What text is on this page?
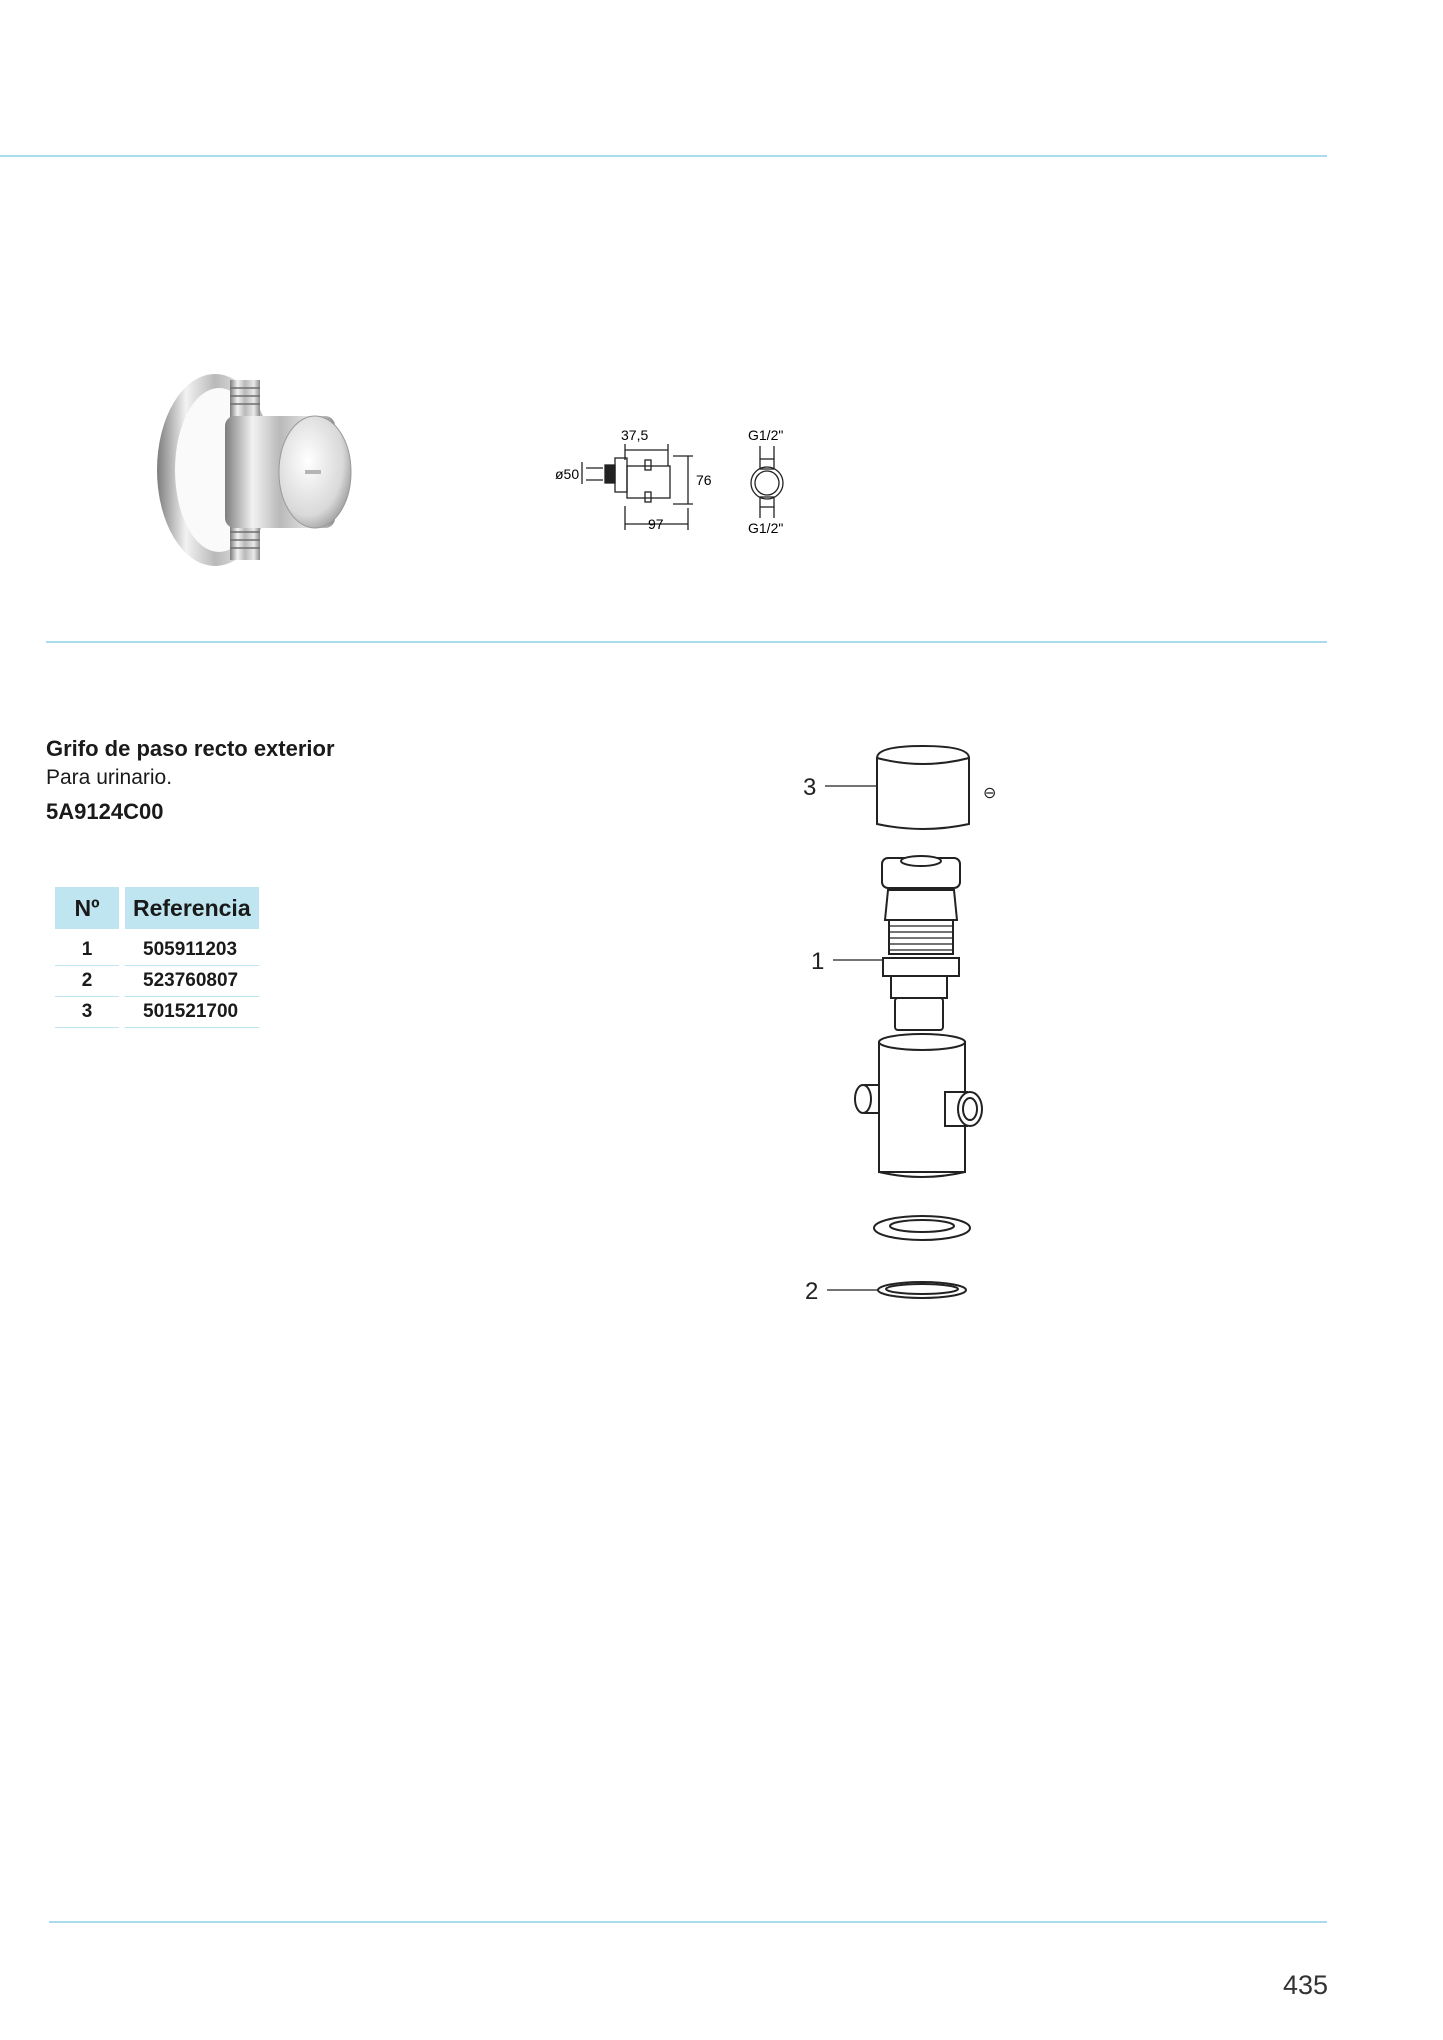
37,5
ø50	76
97
G1/2"
G1/2"
Grifo de paso recto exterior
Para urinario.
5A9124C00
Nº	Referencia
1	505911203
2	523760807
3	501521700
3
1
2
⊖
435
